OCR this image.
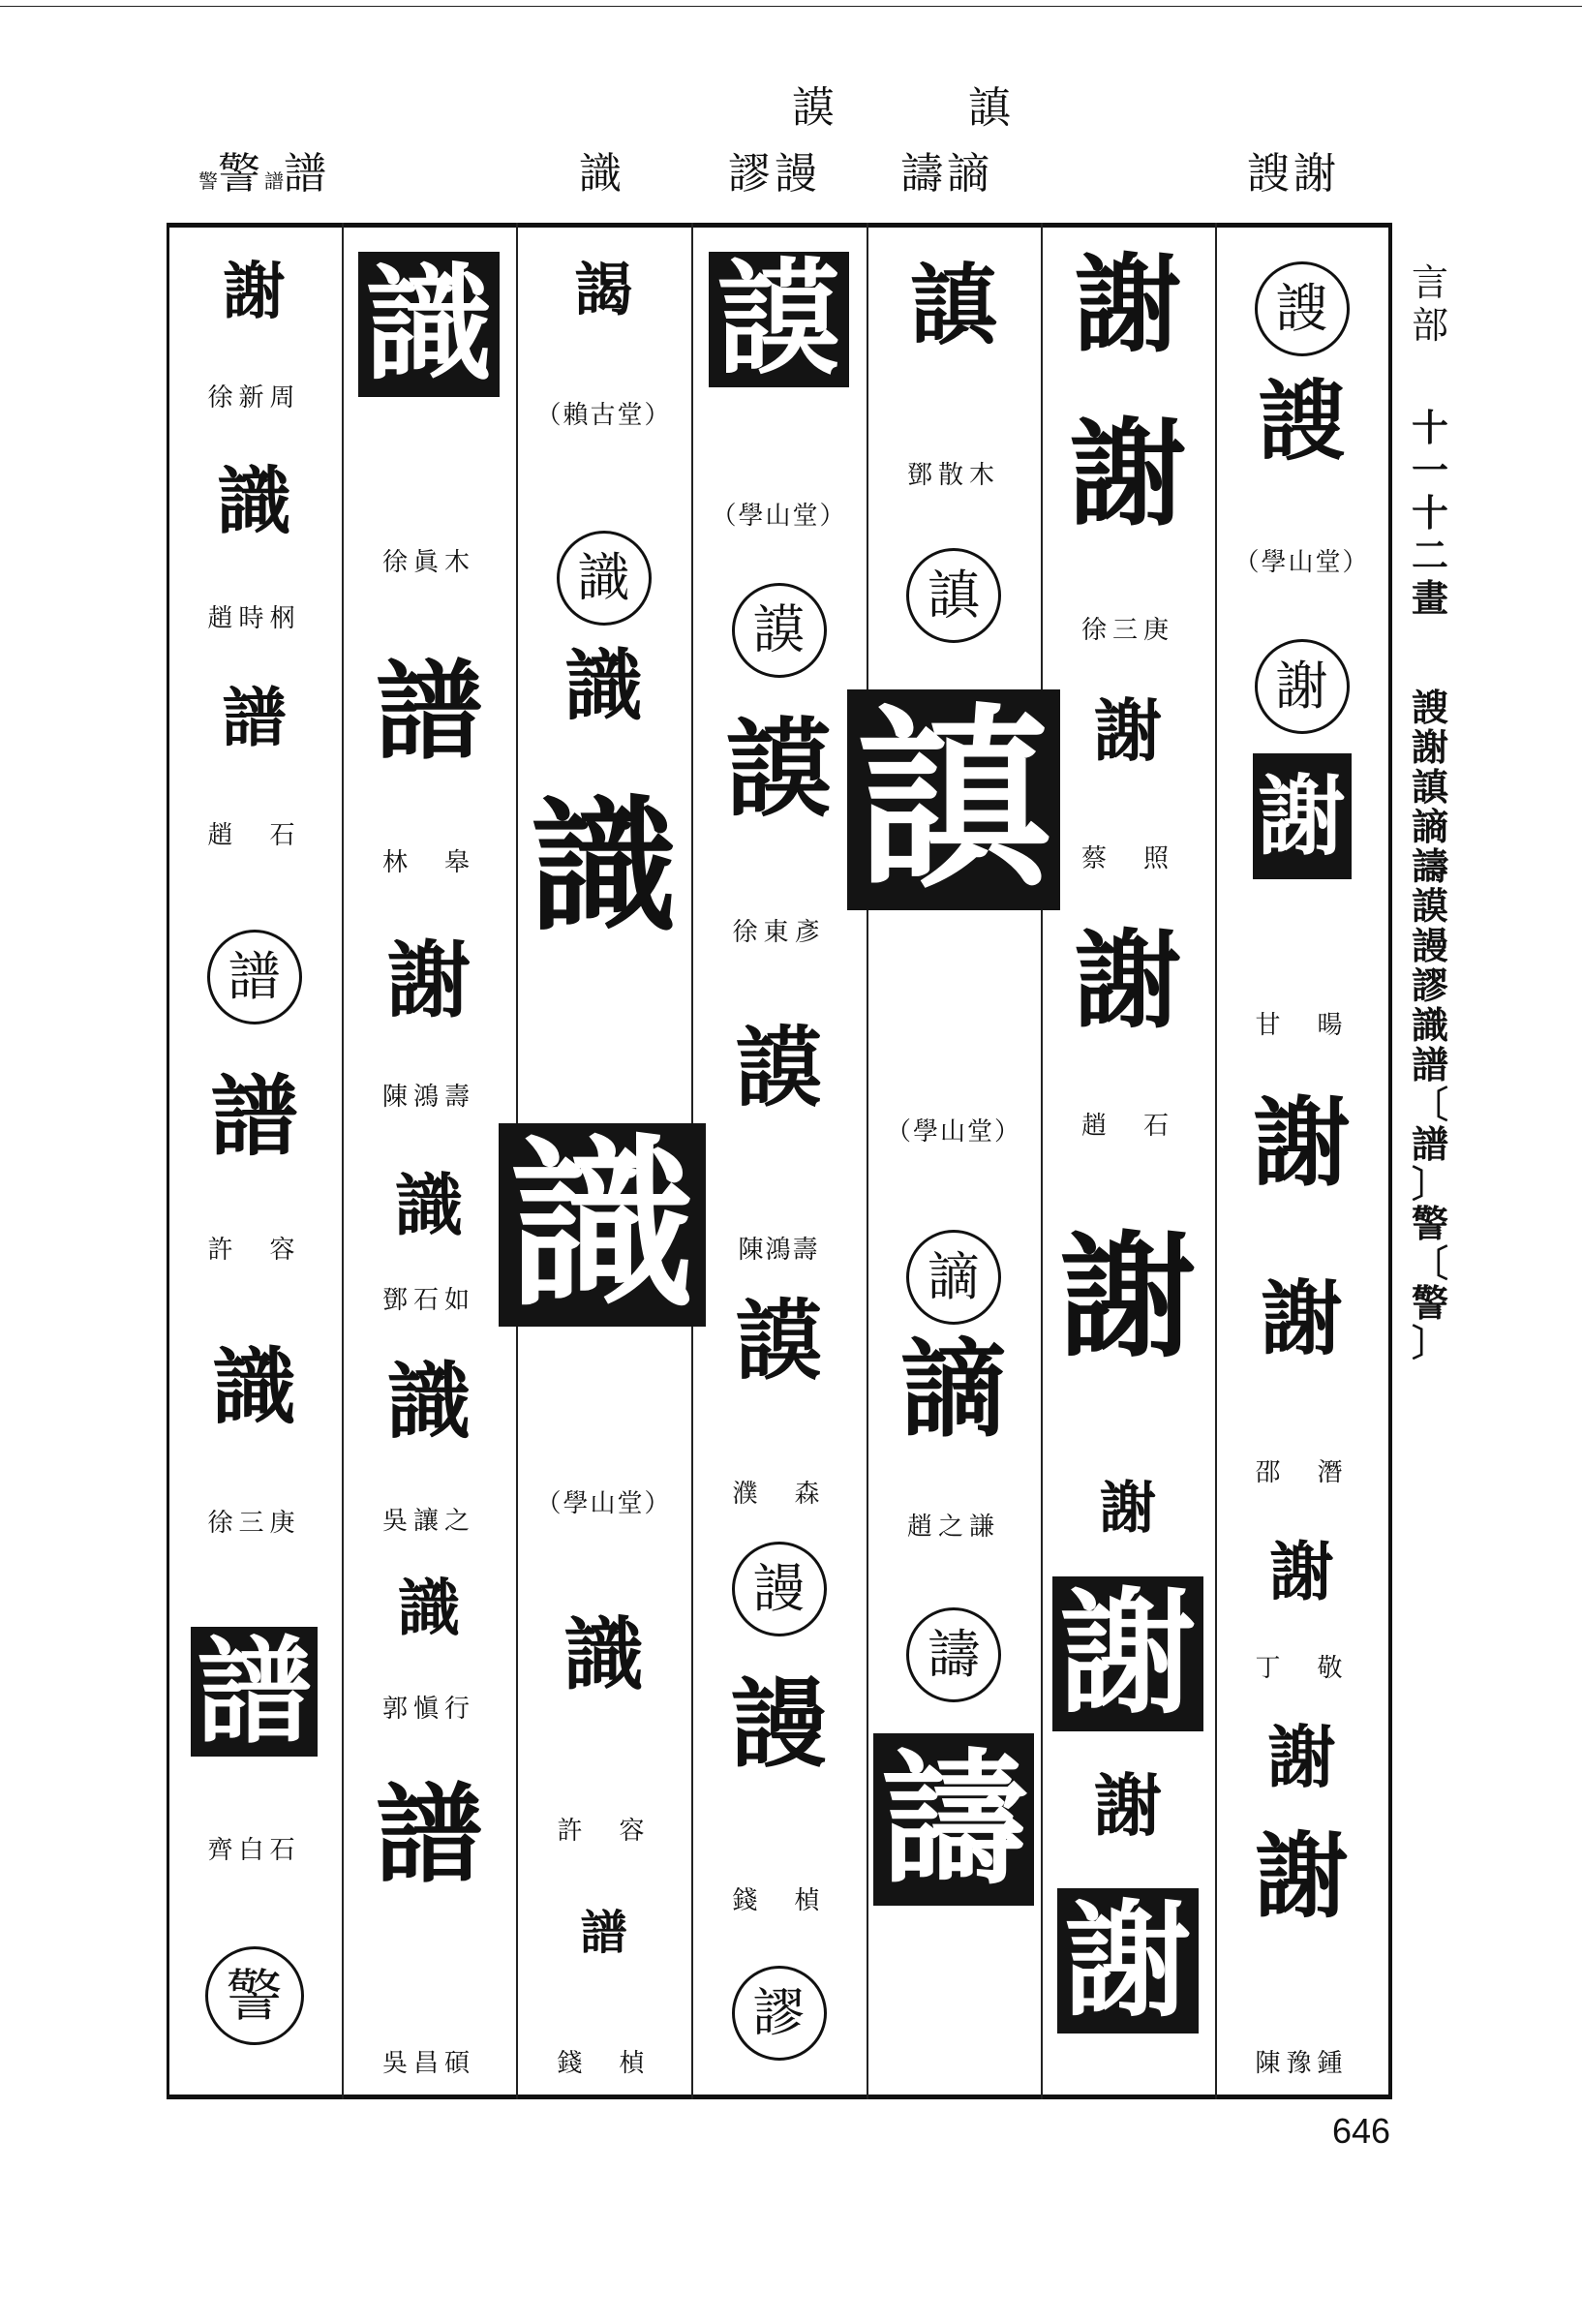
警警譜譜	識
謨
謬謾
謓
譸謪	謏謝
謝
徐新周
識
趙時㭎
譜
趙　石
譜
譜
許　容
識
徐三庚
譜
齊白石
警
識
徐眞木
譜
林　皋
謝
陳鴻壽
識
鄧石如
識
吳讓之
識
郭愼行
譜
吳昌碩
謁
（賴古堂）
識
識
識
識
（學山堂）
識
許　容
譜
錢　楨
謨
（學山堂）
謨
謨
徐東彥
謨
陳鴻壽
謨
濮　森
謾
謾
錢　楨
謬
謓
鄧散木
謓
謓
（學山堂）
謫
謫
趙之謙
譸
譸
謝
謝
徐三庚
謝
蔡　照
謝
趙　石
謝
謝
謝
謝
謝
謏
謏
（學山堂）
謝
謝
甘　暘
謝
謝
邵　潛
謝
丁　敬
謝
謝
陳豫鍾
言
部
十
一
十
二
畫
謏
謝
謓
謪
譸
謨
謾
謬
識
譜
〔
譜
〕
警
〔
警
〕
646
